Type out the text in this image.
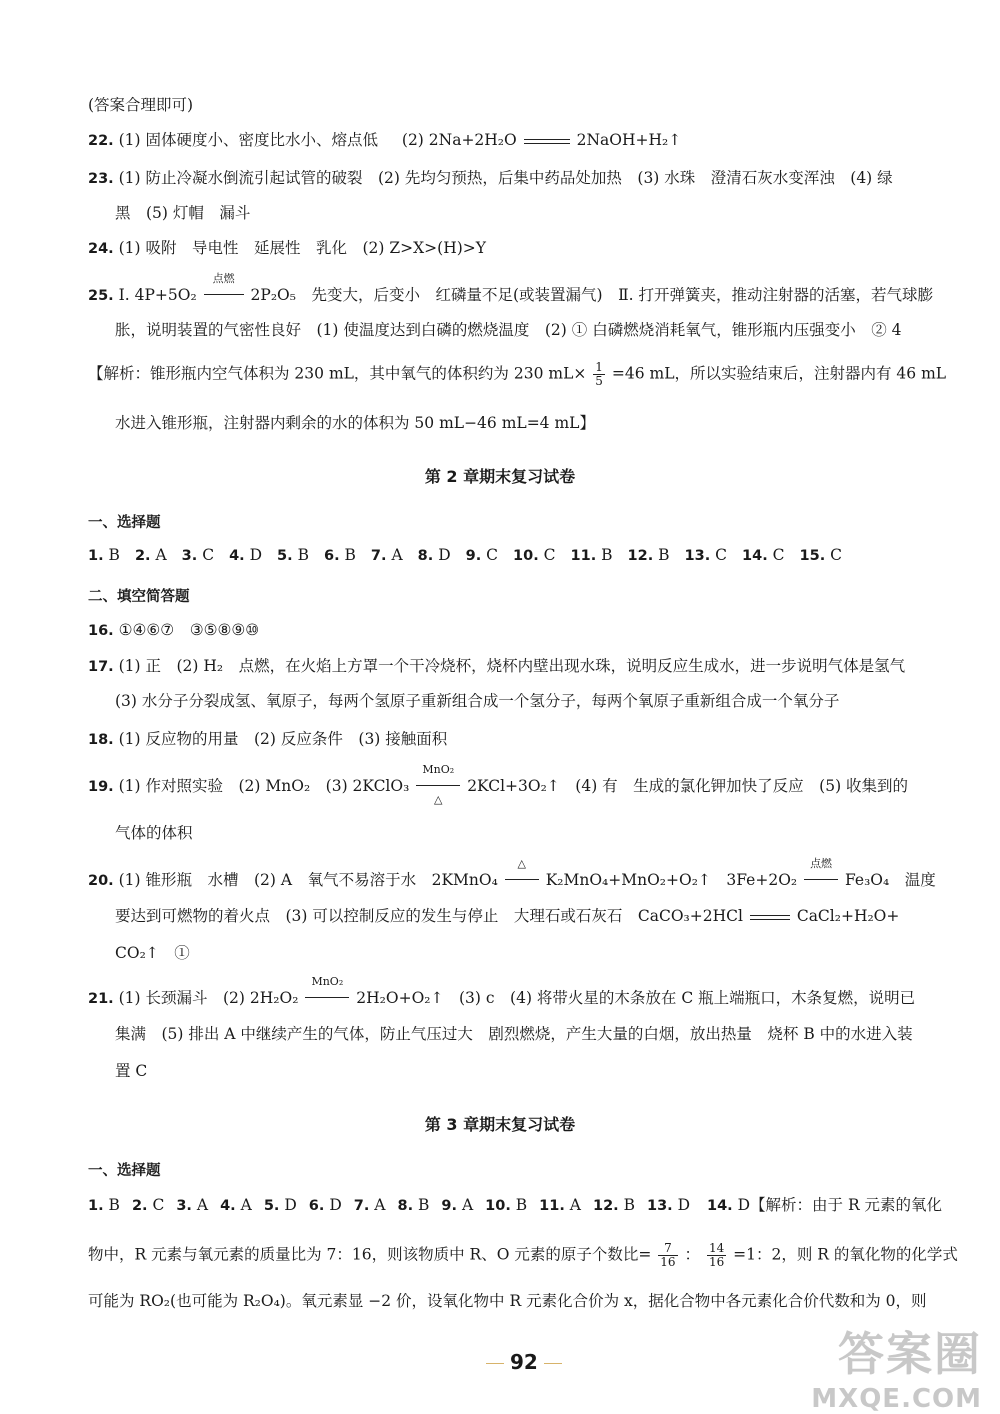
(答案合理即可)
22. (1) 固体硬度小、密度比水小、熔点低 (2) 2Na+2H₂O	2NaOH+H₂↑
23. (1) 防止冷凝水倒流引起试管的破裂　(2) 先均匀预热，后集中药品处加热　(3) 水珠　澄清石灰水变浑浊　(4) 绿
黑　(5) 灯帽　漏斗
24. (1) 吸附　导电性　延展性　乳化　(2) Z>X>(H)>Y
25. Ⅰ. 4P+5O₂
点燃
2P₂O₅　先变大，后变小　红磷量不足(或装置漏气)　Ⅱ. 打开弹簧夹，推动注射器的活塞，若气球膨
胀，说明装置的气密性良好　(1) 使温度达到白磷的燃烧温度　(2) ① 白磷燃烧消耗氧气，锥形瓶内压强变小　② 4
【解析：锥形瓶内空气体积为 230 mL，其中氧气的体积约为 230 $mL\times \frac{1}{5} =46$ mL，所以实验结束后，注射器内有 46 mL
水进入锥形瓶，注射器内剩余的水的体积为 50 mL−46 mL=4 mL】
第 2 章期末复习试卷
一、选择题
1. B 2. A 3. C 4. D 5. B 6. B 7. A 8. D 9. C 10. C 11. B 12. B 13. C 14. C 15. C
二、填空简答题
16. ①④⑥⑦　③⑤⑧⑨⑩
17. (1) 正　(2) H₂　点燃，在火焰上方罩一个干冷烧杯，烧杯内壁出现水珠，说明反应生成水，进一步说明气体是氢气
(3) 水分子分裂成氢、氧原子，每两个氢原子重新组合成一个氢分子，每两个氧原子重新组合成一个氧分子
18. (1) 反应物的用量　(2) 反应条件　(3) 接触面积
19. (1) 作对照实验　(2) MnO₂　(3) 2KClO₃
MnO₂
△
2KCl+3O₂↑　(4) 有　生成的氯化钾加快了反应　(5) 收集到的
气体的体积
20. (1) 锥形瓶　水槽　(2) A　氧气不易溶于水　2KMnO₄
△
K₂MnO₄+MnO₂+O₂↑　3Fe+2O₂
点燃
Fe₃O₄　温度
要达到可燃物的着火点　(3) 可以控制反应的发生与停止　大理石或石灰石　CaCO₃+2HCl	CaCl₂+H₂O+
CO₂↑　①
21. (1) 长颈漏斗　(2) 2H₂O₂
MnO₂
2H₂O+O₂↑　(3) c　(4) 将带火星的木条放在 C 瓶上端瓶口，木条复燃，说明已
集满　(5) 排出 A 中继续产生的气体，防止气压过大　剧烈燃烧，产生大量的白烟，放出热量　烧杯 B 中的水进入装
置 C
第 3 章期末复习试卷
一、选择题
1. B 2. C 3. A 4. A 5. D 6. D 7. A 8. B 9. A 10. B 11. A 12. B 13. D 14. D【解析：由于 R 元素的氧化
物中，R 元素与氧元素的质量比为 7：16，则该物质中 R、O 元素的原子个数比= $\frac{7}{16}$ ： $\frac{14}{16} =1$：2，则 R 的氧化物的化学式
可能为 RO₂(也可能为 R₂O₄)。氧元素显 −2 价，设氧化物中 R 元素化合价为 x，据化合物中各元素化合价代数和为 0，则
92	答案圈
MXQE.COM
